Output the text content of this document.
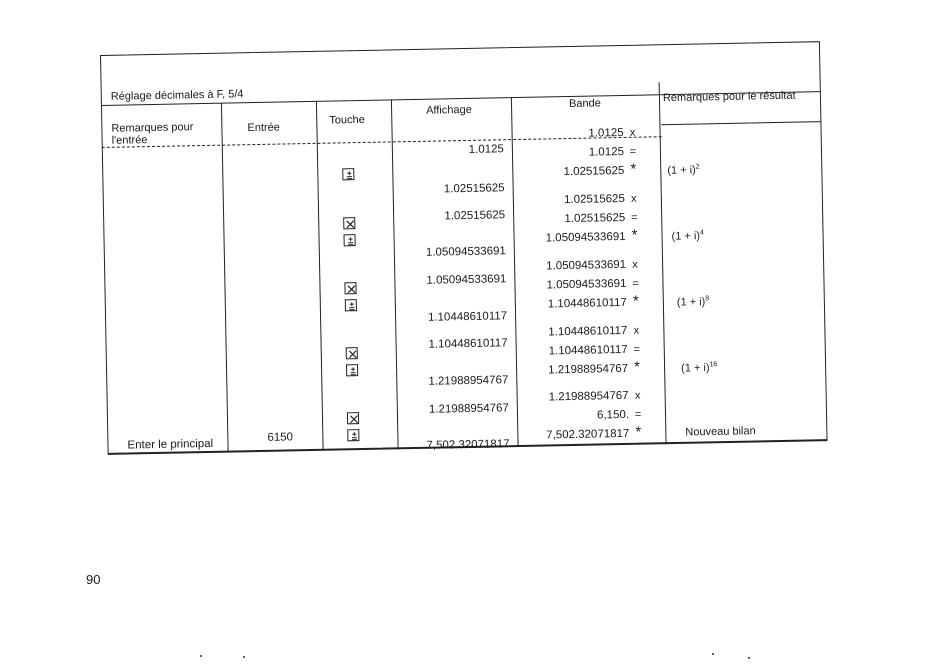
Réglage décimales à F, 5/4
Remarques pour
l'entrée
Entrée
Touche
Affichage
Bande	Remarques pour le résultat
1.0125
1.02515625
1.02515625
1.05094533691
1.05094533691
1.10448610117
1.10448610117
1.21988954767
1.21988954767
7,502.32071817
1.0125 x
1.0125 =
1.02515625 *
1.02515625 x
1.02515625 =
1.05094533691 *
1.05094533691 x
1.05094533691 =
1.10448610117 *
1.10448610117 x
1.10448610117 =
1.21988954767 *
1.21988954767 x
6,150. =
7,502.32071817 *
$(1 + i)^2$
$(1 + i)^4$
$(1 + i)^8$
$(1 + i)^{16}$
Nouveau bilan
Enter le principal
6150
90
